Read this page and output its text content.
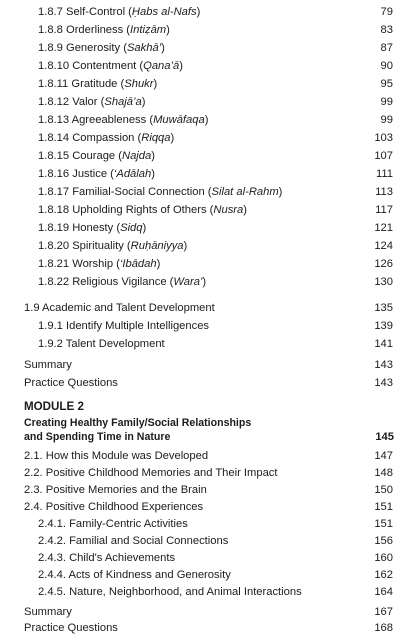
1.8.7 Self-Control (Ḥabs al-Nafs)	79
1.8.8 Orderliness (Intiẓām)	83
1.8.9 Generosity (Sakhā’)	87
1.8.10 Contentment (Qana’ā)	90
1.8.11 Gratitude (Shukr)	95
1.8.12 Valor (Shajā’a)	99
1.8.13 Agreeableness (Muwāfaqa)	99
1.8.14 Compassion (Riqqa)	103
1.8.15 Courage (Najda)	107
1.8.16 Justice (‘Adālah)	111
1.8.17 Familial-Social Connection (Silat al-Rahm)	113
1.8.18 Upholding Rights of Others (Nusra)	117
1.8.19 Honesty (Sidq)	121
1.8.20 Spirituality (Ruḥāniyya)	124
1.8.21 Worship (‘Ibādah)	126
1.8.22 Religious Vigilance (Wara’)	130
1.9 Academic and Talent Development	135
1.9.1 Identify Multiple Intelligences	139
1.9.2 Talent Development	141
Summary	143
Practice Questions	143
MODULE 2
Creating Healthy Family/Social Relationships
and Spending Time in Nature	145
2.1. How this Module was Developed	147
2.2. Positive Childhood Memories and Their Impact	148
2.3. Positive Memories and the Brain	150
2.4. Positive Childhood Experiences	151
2.4.1. Family-Centric Activities	151
2.4.2. Familial and Social Connections	156
2.4.3. Child's Achievements	160
2.4.4. Acts of Kindness and Generosity	162
2.4.5. Nature, Neighborhood, and Animal Interactions	164
Summary	167
Practice Questions	168
